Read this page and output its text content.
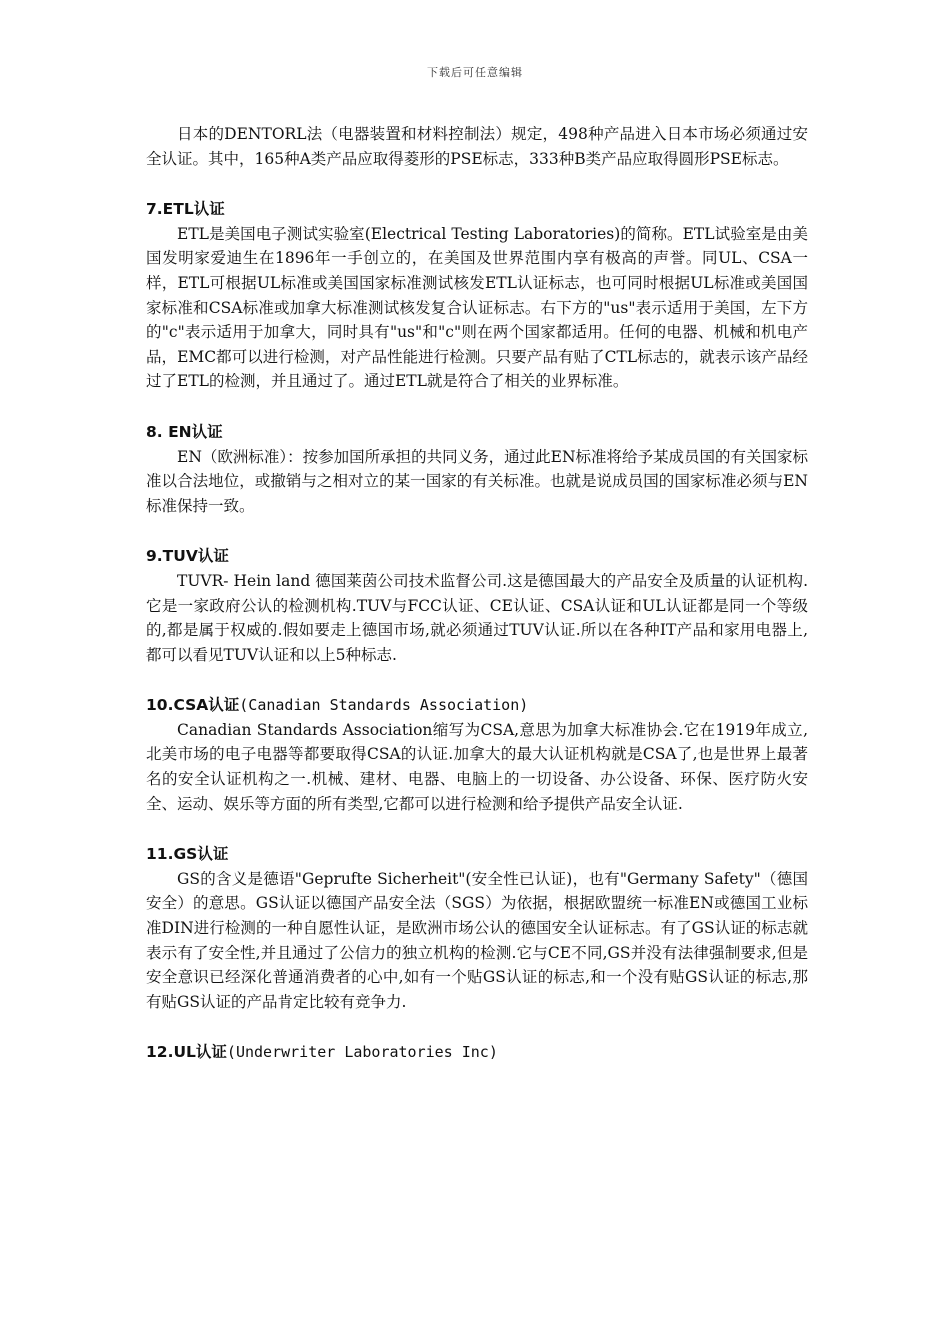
下载后可任意编辑

日本的DENTORL法（电器装置和材料控制法）规定，498种产品进入日本市场必须通过安全认证。其中，165种A类产品应取得菱形的PSE标志，333种B类产品应取得圆形PSE标志。

7.ETL认证

ETL是美国电子测试实验室(Electrical Testing Laboratories)的简称。ETL试验室是由美国发明家爱迪生在1896年一手创立的，在美国及世界范围内享有极高的声誉。同UL、CSA一样，ETL可根据UL标准或美国国家标准测试核发ETL认证标志，也可同时根据UL标准或美国国家标准和CSA标准或加拿大标准测试核发复合认证标志。右下方的"us"表示适用于美国，左下方的"c"表示适用于加拿大，同时具有"us"和"c"则在两个国家都适用。任何的电器、机械和机电产品，EMC都可以进行检测，对产品性能进行检测。只要产品有贴了CTL标志的，就表示该产品经过了ETL的检测，并且通过了。通过ETL就是符合了相关的业界标准。

8. EN认证

EN（欧洲标准）：按参加国所承担的共同义务，通过此EN标准将给予某成员国的有关国家标准以合法地位，或撤销与之相对立的某一国家的有关标准。也就是说成员国的国家标准必须与EN标准保持一致。

9.TUV认证

TUVR- Hein land 德国莱茵公司技术监督公司.这是德国最大的产品安全及质量的认证机构.它是一家政府公认的检测机构.TUV与FCC认证、CE认证、CSA认证和UL认证都是同一个等级的,都是属于权威的.假如要走上德国市场,就必须通过TUV认证.所以在各种IT产品和家用电器上,都可以看见TUV认证和以上5种标志.

10.CSA认证(Canadian Standards Association)

Canadian Standards Association缩写为CSA,意思为加拿大标准协会.它在1919年成立,北美市场的电子电器等都要取得CSA的认证.加拿大的最大认证机构就是CSA了,也是世界上最著名的安全认证机构之一.机械、建材、电器、电脑上的一切设备、办公设备、环保、医疗防火安全、运动、娱乐等方面的所有类型,它都可以进行检测和给予提供产品安全认证.

11.GS认证

GS的含义是德语"Geprufte Sicherheit"(安全性已认证)，也有"Germany Safety"（德国安全）的意思。GS认证以德国产品安全法（SGS）为依据，根据欧盟统一标准EN或德国工业标准DIN进行检测的一种自愿性认证，是欧洲市场公认的德国安全认证标志。有了GS认证的标志就表示有了安全性,并且通过了公信力的独立机构的检测.它与CE不同,GS并没有法律强制要求,但是安全意识已经深化普通消费者的心中,如有一个贴GS认证的标志,和一个没有贴GS认证的标志,那有贴GS认证的产品肯定比较有竞争力.

12.UL认证(Underwriter Laboratories Inc)
